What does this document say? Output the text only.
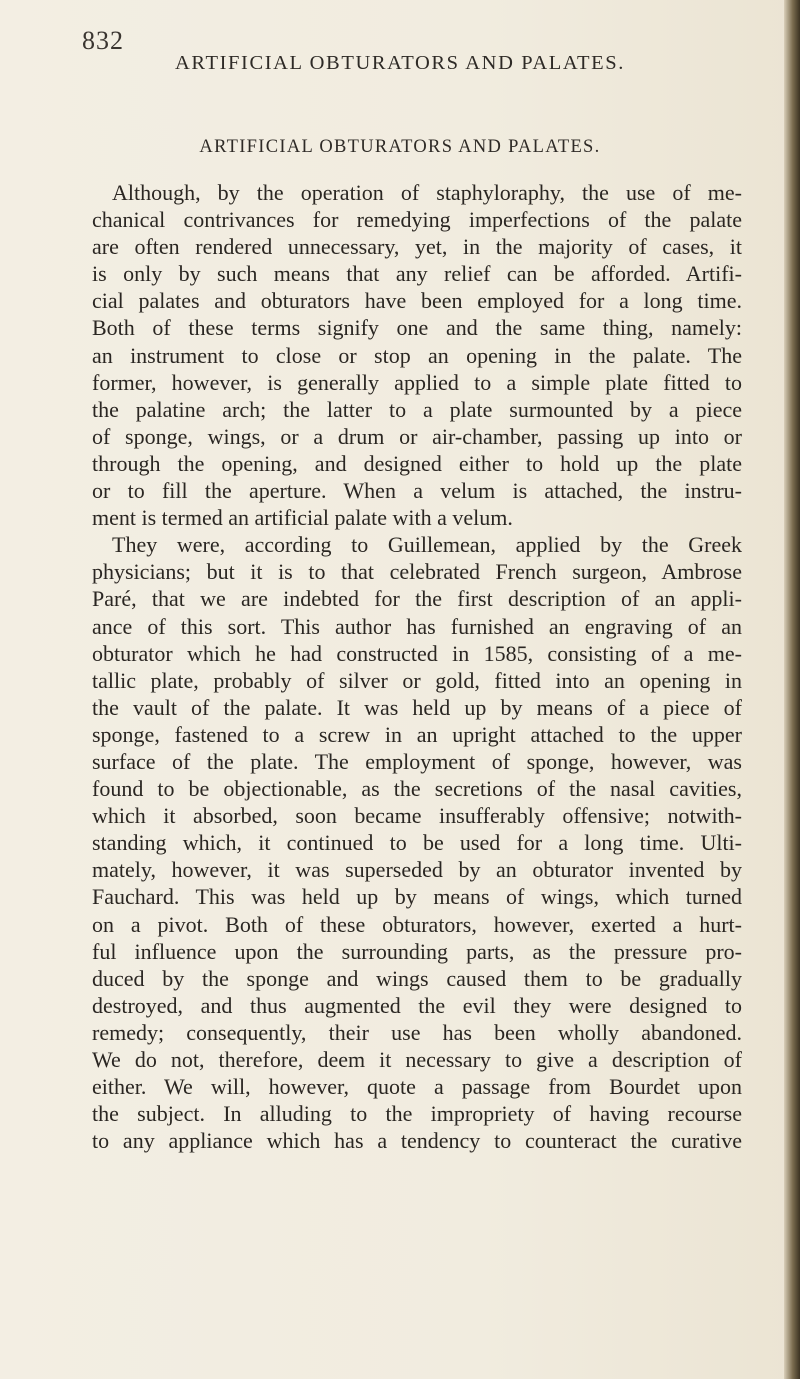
832
ARTIFICIAL OBTURATORS AND PALATES.
ARTIFICIAL OBTURATORS AND PALATES.
Although, by the operation of staphyloraphy, the use of me-
chanical contrivances for remedying imperfections of the palate
are often rendered unnecessary, yet, in the majority of cases, it
is only by such means that any relief can be afforded. Artifi-
cial palates and obturators have been employed for a long time.
Both of these terms signify one and the same thing, namely:
an instrument to close or stop an opening in the palate. The
former, however, is generally applied to a simple plate fitted to
the palatine arch; the latter to a plate surmounted by a piece
of sponge, wings, or a drum or air-chamber, passing up into or
through the opening, and designed either to hold up the plate
or to fill the aperture. When a velum is attached, the instru-
ment is termed an artificial palate with a velum.
They were, according to Guillemean, applied by the Greek
physicians; but it is to that celebrated French surgeon, Ambrose
Paré, that we are indebted for the first description of an appli-
ance of this sort. This author has furnished an engraving of an
obturator which he had constructed in 1585, consisting of a me-
tallic plate, probably of silver or gold, fitted into an opening in
the vault of the palate. It was held up by means of a piece of
sponge, fastened to a screw in an upright attached to the upper
surface of the plate. The employment of sponge, however, was
found to be objectionable, as the secretions of the nasal cavities,
which it absorbed, soon became insufferably offensive; notwith-
standing which, it continued to be used for a long time. Ulti-
mately, however, it was superseded by an obturator invented by
Fauchard. This was held up by means of wings, which turned
on a pivot. Both of these obturators, however, exerted a hurt-
ful influence upon the surrounding parts, as the pressure pro-
duced by the sponge and wings caused them to be gradually
destroyed, and thus augmented the evil they were designed to
remedy; consequently, their use has been wholly abandoned.
We do not, therefore, deem it necessary to give a description of
either. We will, however, quote a passage from Bourdet upon
the subject. In alluding to the impropriety of having recourse
to any appliance which has a tendency to counteract the curative
